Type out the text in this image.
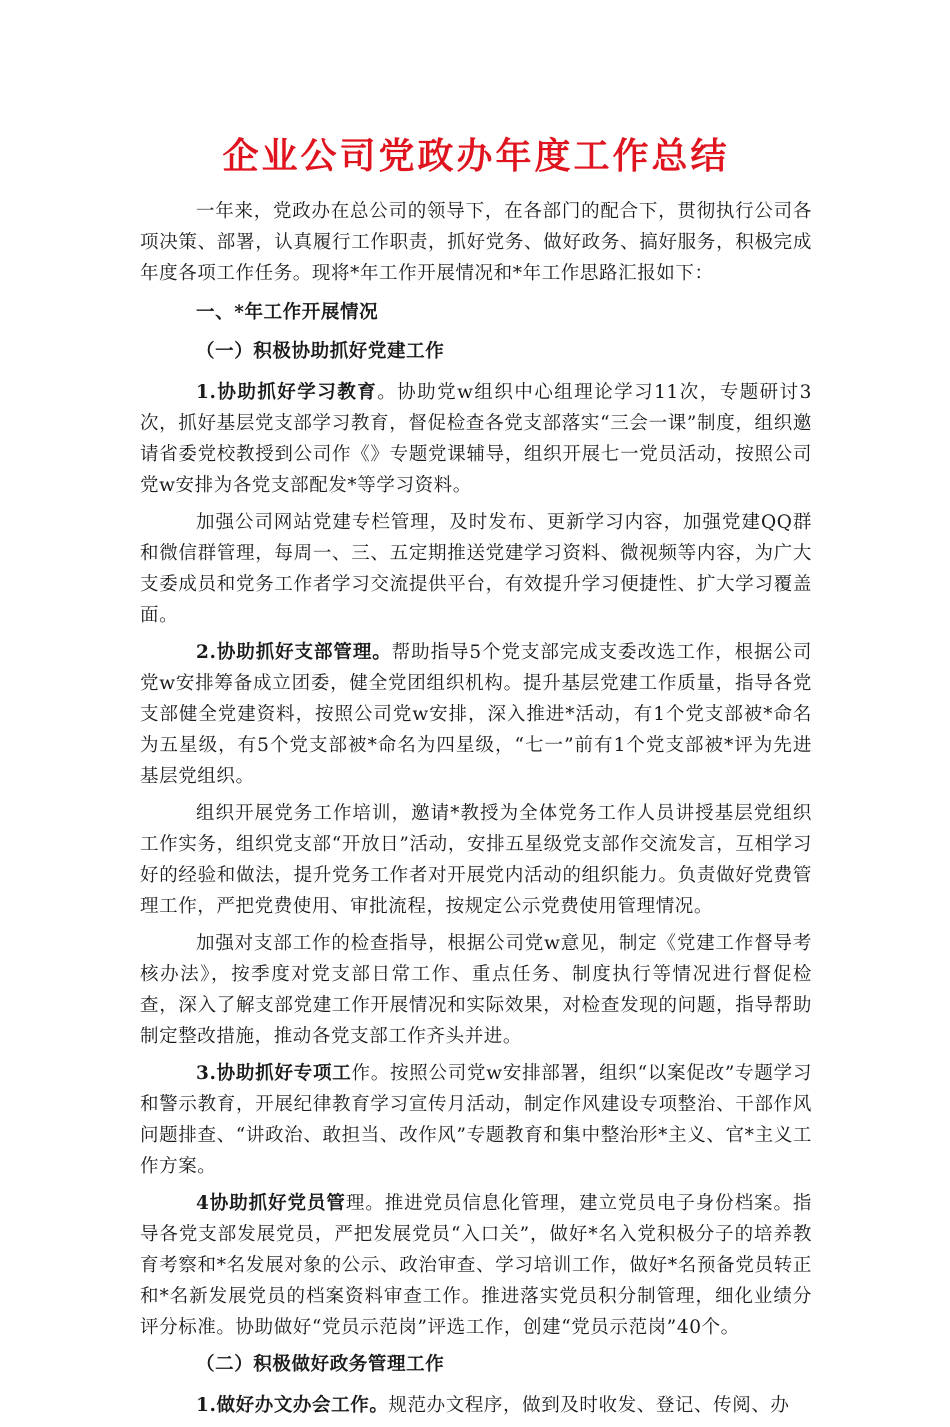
企业公司党政办年度工作总结

一年来，党政办在总公司的领导下，在各部门的配合下，贯彻执行公司各项决策、部署，认真履行工作职责，抓好党务、做好政务、搞好服务，积极完成年度各项工作任务。现将*年工作开展情况和*年工作思路汇报如下：

一、*年工作开展情况
（一）积极协助抓好党建工作

1.协助抓好学习教育。协助党w组织中心组理论学习11次，专题研讨3次，抓好基层党支部学习教育，督促检查各党支部落实“三会一课”制度，组织邀请省委党校教授到公司作《》专题党课辅导，组织开展七一党员活动，按照公司党w安排为各党支部配发*等学习资料。

加强公司网站党建专栏管理，及时发布、更新学习内容，加强党建QQ群和微信群管理，每周一、三、五定期推送党建学习资料、微视频等内容，为广大支委成员和党务工作者学习交流提供平台，有效提升学习便捷性、扩大学习覆盖面。

2.协助抓好支部管理。帮助指导5个党支部完成支委改选工作，根据公司党w安排筹备成立团委，健全党团组织机构。提升基层党建工作质量，指导各党支部健全党建资料，按照公司党w安排，深入推进*活动，有1个党支部被*命名为五星级，有5个党支部被*命名为四星级，“七一”前有1个党支部被*评为先进基层党组织。

组织开展党务工作培训，邀请*教授为全体党务工作人员讲授基层党组织工作实务，组织党支部“开放日”活动，安排五星级党支部作交流发言，互相学习好的经验和做法，提升党务工作者对开展党内活动的组织能力。负责做好党费管理工作，严把党费使用、审批流程，按规定公示党费使用管理情况。

加强对支部工作的检查指导，根据公司党w意见，制定《党建工作督导考核办法》，按季度对党支部日常工作、重点任务、制度执行等情况进行督促检查，深入了解支部党建工作开展情况和实际效果，对检查发现的问题，指导帮助制定整改措施，推动各党支部工作齐头并进。

3.协助抓好专项工作。按照公司党w安排部署，组织“以案促改”专题学习和警示教育，开展纪律教育学习宣传月活动，制定作风建设专项整治、干部作风问题排查、“讲政治、敢担当、改作风”专题教育和集中整治形*主义、官*主义工作方案。

4协助抓好党员管理。推进党员信息化管理，建立党员电子身份档案。指导各党支部发展党员，严把发展党员“入口关”，做好*名入党积极分子的培养教育考察和*名发展对象的公示、政治审查、学习培训工作，做好*名预备党员转正和*名新发展党员的档案资料审查工作。推进落实党员积分制管理，细化业绩分评分标准。协助做好“党员示范岗”评选工作，创建“党员示范岗”40个。

（二）积极做好政务管理工作

1.做好办文办会工作。规范办文程序，做到及时收发、登记、传阅、办
